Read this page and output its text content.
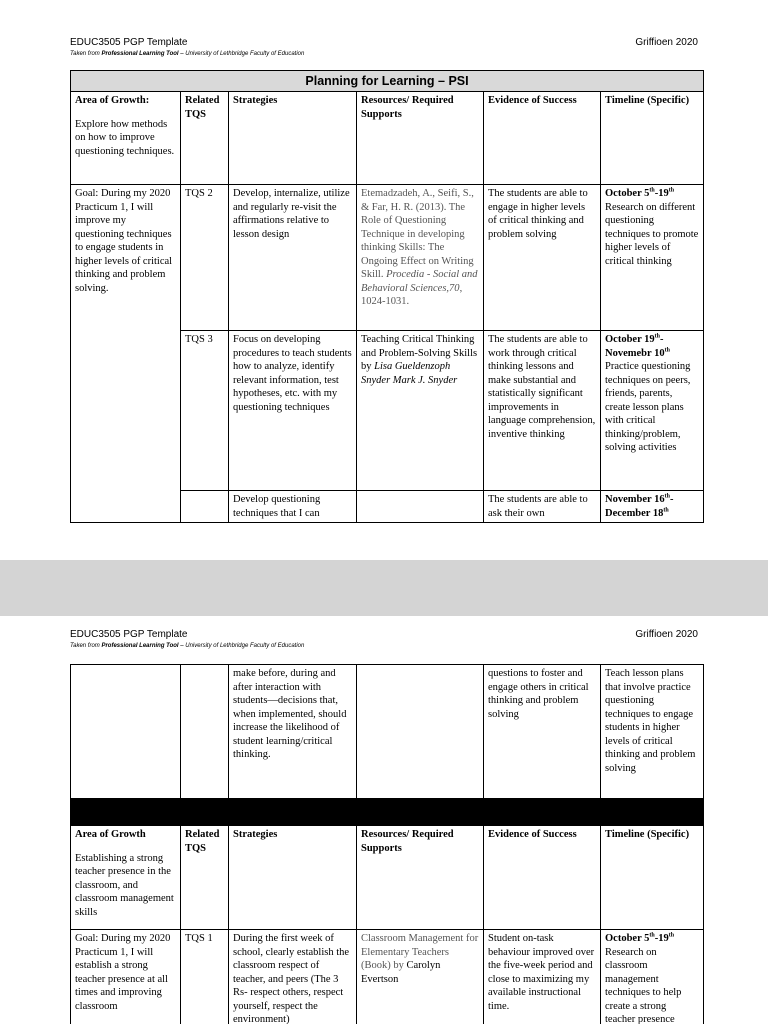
EDUC3505 PGP Template	Griffioen 2020
Taken from Professional Learning Tool – University of Lethbridge Faculty of Education
Planning for Learning – PSI					

Area of Growth:
Explore how methods on how to improve questioning techniques.	Related TQS	Strategies	Resources/ Required Supports	Evidence of Success	Timeline (Specific)

Goal: During my 2020 Practicum 1, I will improve my questioning techniques to engage students in higher levels of critical thinking and problem solving.	TQS 2	Develop, internalize, utilize and regularly re-visit the affirmations relative to lesson design	Etemadzadeh, A., Seifi, S., & Far, H. R. (2013). The Role of Questioning Technique in developing thinking Skills: The Ongoing Effect on Writing Skill. Procedia - Social and Behavioral Sciences,70, 1024-1031.	The students are able to engage in higher levels of critical thinking and problem solving	October 5th-19th
Research on different questioning techniques to promote higher levels of critical thinking
	TQS 3	Focus on developing procedures to teach students how to analyze, identify relevant information, test hypotheses, etc. with my questioning techniques	Teaching Critical Thinking and Problem-Solving Skills by Lisa Gueldenzoph Snyder Mark J. Snyder	The students are able to work through critical thinking lessons and make substantial and statistically significant improvements in language comprehension, inventive thinking	October 19th- Novemebr 10th
Practice questioning techniques on peers, friends, parents, create lesson plans with critical thinking/problem, solving activities
		Develop questioning techniques that I can		The students are able to ask their own	November 16th- December 18th
EDUC3505 PGP Template	Griffioen 2020
Taken from Professional Learning Tool – University of Lethbridge Faculty of Education
		make before, during and after interaction with students—decisions that, when implemented, should increase the likelihood of student learning/critical thinking.		questions to foster and engage others in critical thinking and problem solving	Teach lesson plans that involve practice questioning techniques to engage students in higher levels of critical thinking and problem solving

Area of Growth
Establishing a strong teacher presence in the classroom, and classroom management skills	Related TQS	Strategies	Resources/ Required Supports	Evidence of Success	Timeline (Specific)

Goal: During my 2020 Practicum 1, I will establish a strong teacher presence at all times and improving classroom	TQS 1	During the first week of school, clearly establish the classroom respect of teacher, and peers (The 3 Rs- respect others, respect yourself, respect the environment)	Classroom Management for Elementary Teachers (Book) by Carolyn Evertson	Student on-task behaviour improved over the five-week period and close to maximizing my available instructional time.	October 5th-19th
Research on classroom management techniques to help create a strong teacher presence
